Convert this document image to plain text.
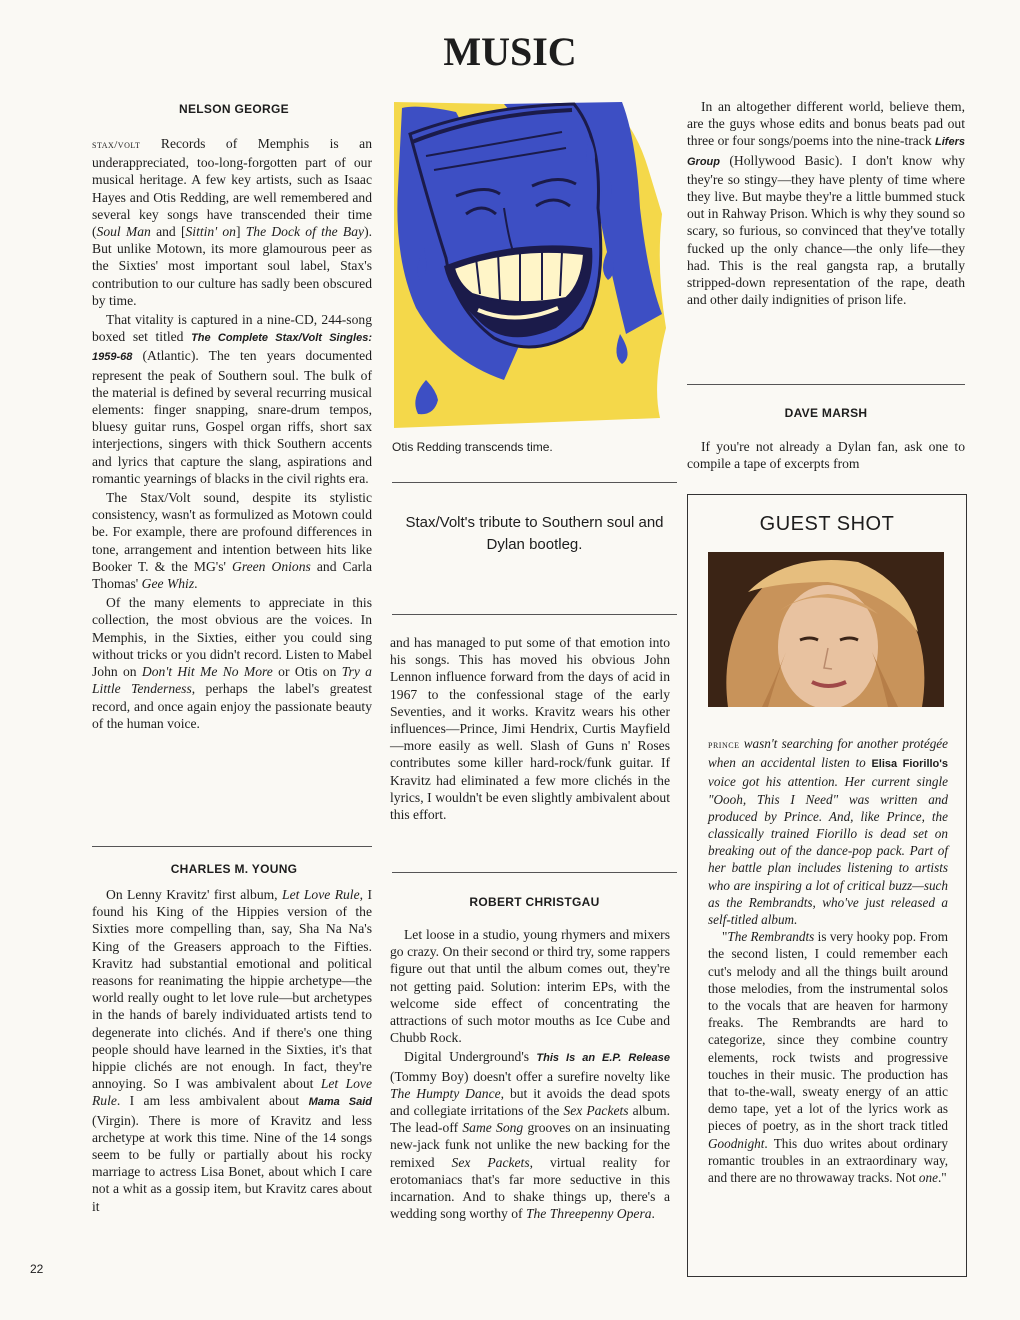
MUSIC
NELSON GEORGE

stax/volt Records of Memphis is an underappreciated, too-long-forgotten part of our musical heritage. A few key artists, such as Isaac Hayes and Otis Redding, are well remembered and several key songs have transcended their time (Soul Man and [Sittin' on] The Dock of the Bay). But unlike Motown, its more glamourous peer as the Sixties' most important soul label, Stax's contribution to our culture has sadly been obscured by time.

That vitality is captured in a nine-CD, 244-song boxed set titled The Complete Stax/Volt Singles: 1959-68 (Atlantic). The ten years documented represent the peak of Southern soul. The bulk of the material is defined by several recurring musical elements: finger snapping, snare-drum tempos, bluesy guitar runs, Gospel organ riffs, short sax interjections, singers with thick Southern accents and lyrics that capture the slang, aspirations and romantic yearnings of blacks in the civil rights era.

The Stax/Volt sound, despite its stylistic consistency, wasn't as formulized as Motown could be. For example, there are profound differences in tone, arrangement and intention between hits like Booker T. & the MG's' Green Onions and Carla Thomas' Gee Whiz.

Of the many elements to appreciate in this collection, the most obvious are the voices. In Memphis, in the Sixties, either you could sing without tricks or you didn't record. Listen to Mabel John on Don't Hit Me No More or Otis on Try a Little Tenderness, perhaps the label's greatest record, and once again enjoy the passionate beauty of the human voice.

CHARLES M. YOUNG

On Lenny Kravitz' first album, Let Love Rule, I found his King of the Hippies version of the Sixties more compelling than, say, Sha Na Na's King of the Greasers approach to the Fifties. Kravitz had substantial emotional and political reasons for reanimating the hippie archetype—the world really ought to let love rule—but archetypes in the hands of barely individuated artists tend to degenerate into clichés. And if there's one thing people should have learned in the Sixties, it's that hippie clichés are not enough. In fact, they're annoying. So I was ambivalent about Let Love Rule. I am less ambivalent about Mama Said (Virgin). There is more of Kravitz and less archetype at work this time. Nine of the 14 songs seem to be fully or partially about his rocky marriage to actress Lisa Bonet, about which I care not a whit as a gossip item, but Kravitz cares about it

Otis Redding transcends time.
Stax/Volt's tribute to Southern soul and Dylan bootleg.

and has managed to put some of that emotion into his songs. This has moved his obvious John Lennon influence forward from the days of acid in 1967 to the confessional stage of the early Seventies, and it works. Kravitz wears his other influences—Prince, Jimi Hendrix, Curtis Mayfield—more easily as well. Slash of Guns n' Roses contributes some killer hard-rock/funk guitar. If Kravitz had eliminated a few more clichés in the lyrics, I wouldn't be even slightly ambivalent about this effort.

ROBERT CHRISTGAU

Let loose in a studio, young rhymers and mixers go crazy. On their second or third try, some rappers figure out that until the album comes out, they're not getting paid. Solution: interim EPs, with the welcome side effect of concentrating the attractions of such motor mouths as Ice Cube and Chubb Rock.

Digital Underground's This Is an E.P. Release (Tommy Boy) doesn't offer a surefire novelty like The Humpty Dance, but it avoids the dead spots and collegiate irritations of the Sex Packets album. The lead-off Same Song grooves on an insinuating new-jack funk not unlike the new backing for the remixed Sex Packets, virtual reality for erotomaniacs that's far more seductive in this incarnation. And to shake things up, there's a wedding song worthy of The Threepenny Opera.

In an altogether different world, believe them, are the guys whose edits and bonus beats pad out three or four songs/poems into the nine-track Lifers Group (Hollywood Basic). I don't know why they're so stingy—they have plenty of time where they live. But maybe they're a little bummed stuck out in Rahway Prison. Which is why they sound so scary, so furious, so convinced that they've totally fucked up the only chance—the only life—they had. This is the real gangsta rap, a brutally stripped-down representation of the rape, death and other daily indignities of prison life.

DAVE MARSH

If you're not already a Dylan fan, ask one to compile a tape of excerpts from

GUEST SHOT

prince wasn't searching for another protégée when an accidental listen to Elisa Fiorillo's voice got his attention. Her current single "Oooh, This I Need" was written and produced by Prince. And, like Prince, the classically trained Fiorillo is dead set on breaking out of the dance-pop pack. Part of her battle plan includes listening to artists who are inspiring a lot of critical buzz—such as the Rembrandts, who've just released a self-titled album.

"The Rembrandts is very hooky pop. From the second listen, I could remember each cut's melody and all the things built around those melodies, from the instrumental solos to the vocals that are heaven for harmony freaks. The Rembrandts are hard to categorize, since they combine country elements, rock twists and progressive touches in their music. The production has that to-the-wall, sweaty energy of an attic demo tape, yet a lot of the lyrics work as pieces of poetry, as in the short track titled Goodnight. This duo writes about ordinary romantic troubles in an extraordinary way, and there are no throwaway tracks. Not one."

22
